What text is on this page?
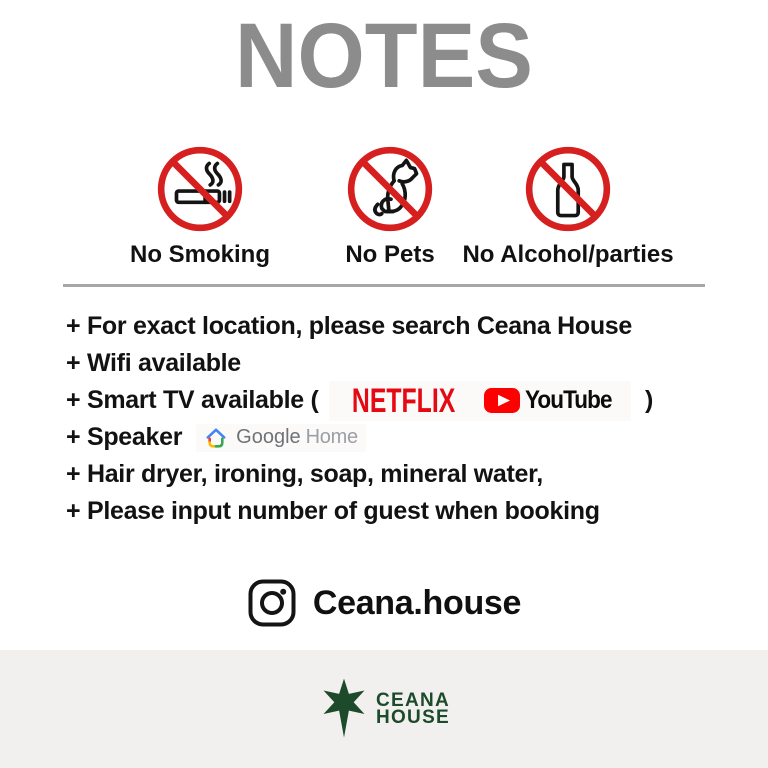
NOTES
No Smoking	No Pets No Alcohol/parties
+ For exact location, please search Ceana House
+ Wifi available
+ Smart TV available ( NETFLIX	YouTube )
+ Speaker	Google Home
+ Hair dryer, ironing, soap, mineral water,
+ Please input number of guest when booking
Ceana.house
CEANA
HOUSE
